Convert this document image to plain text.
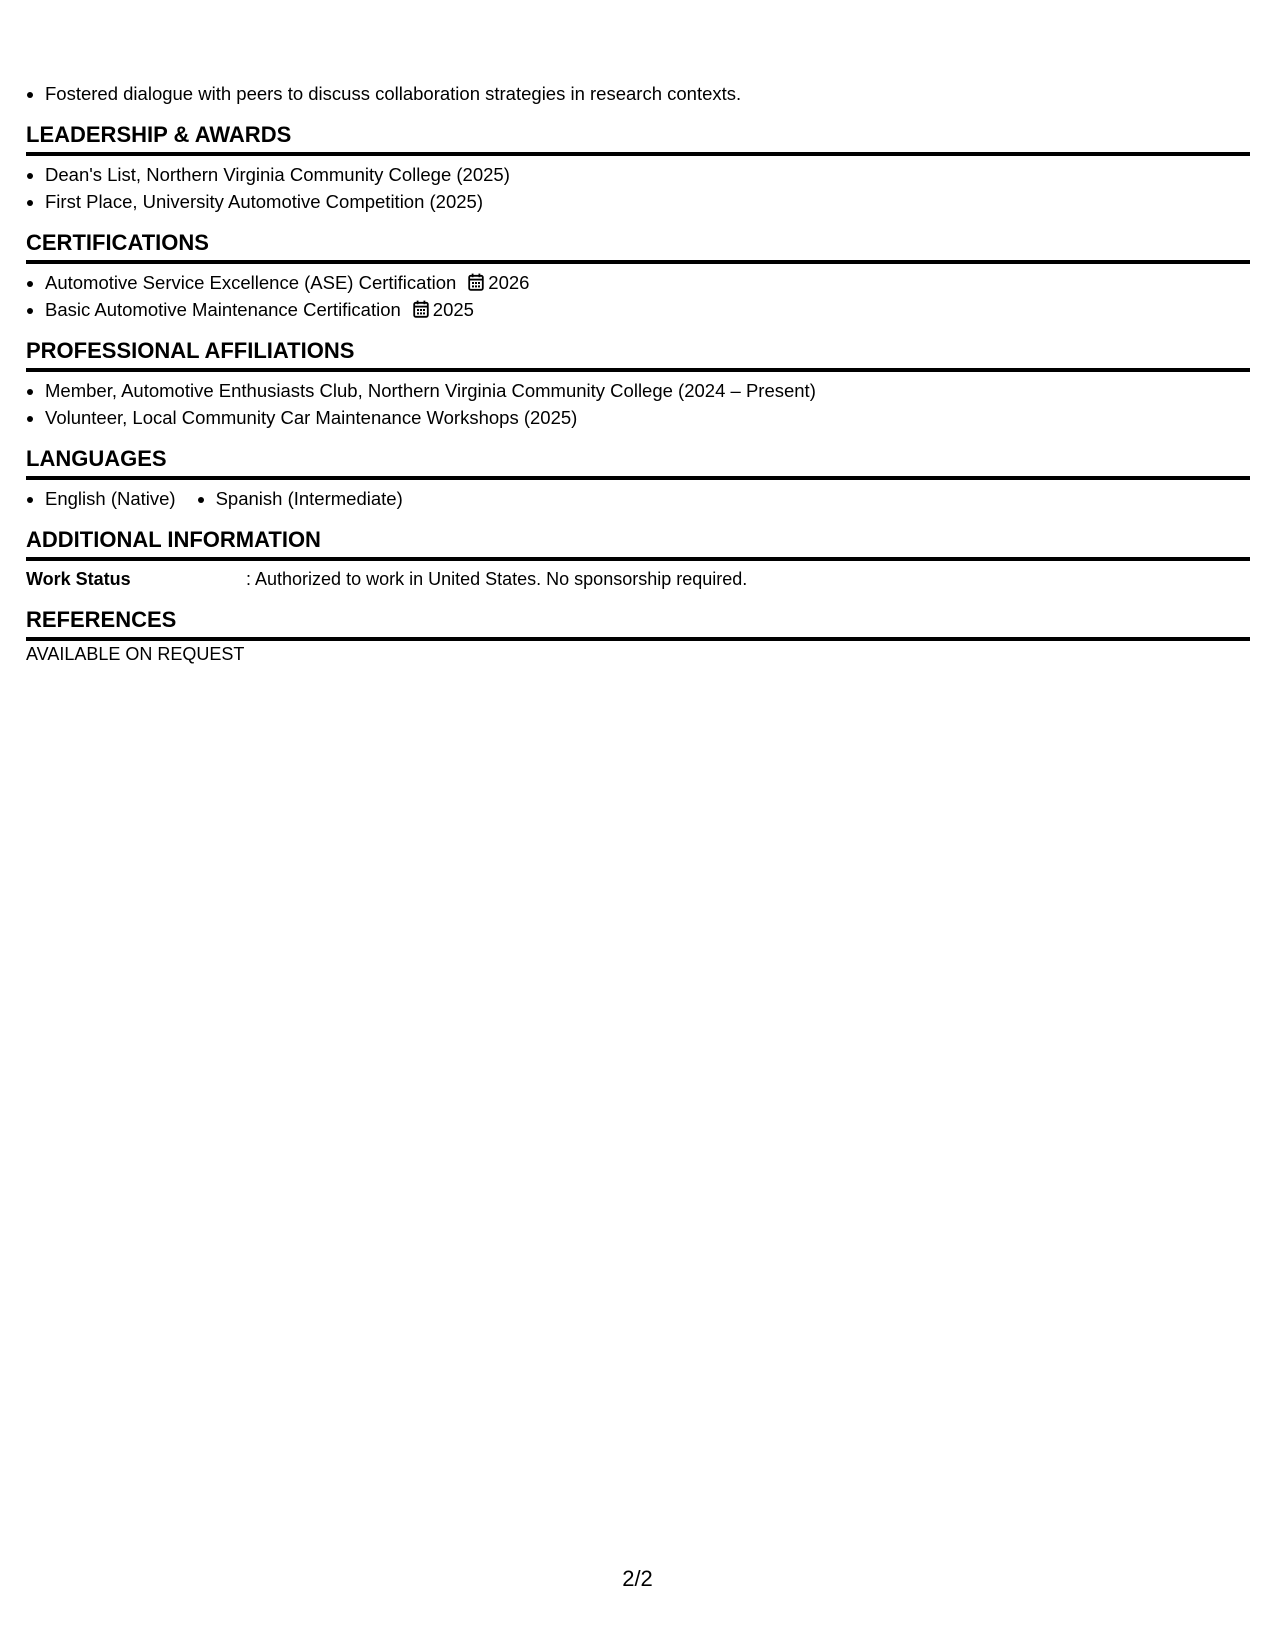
• Fostered dialogue with peers to discuss collaboration strategies in research contexts.
LEADERSHIP & AWARDS
• Dean's List, Northern Virginia Community College (2025)
• First Place, University Automotive Competition (2025)
CERTIFICATIONS
• Automotive Service Excellence (ASE) Certification 2026
• Basic Automotive Maintenance Certification 2025
PROFESSIONAL AFFILIATIONS
• Member, Automotive Enthusiasts Club, Northern Virginia Community College (2024 – Present)
• Volunteer, Local Community Car Maintenance Workshops (2025)
LANGUAGES
• English (Native)
• Spanish (Intermediate)
ADDITIONAL INFORMATION
Work Status	: Authorized to work in United States. No sponsorship required.
REFERENCES

AVAILABLE ON REQUEST

2/2
